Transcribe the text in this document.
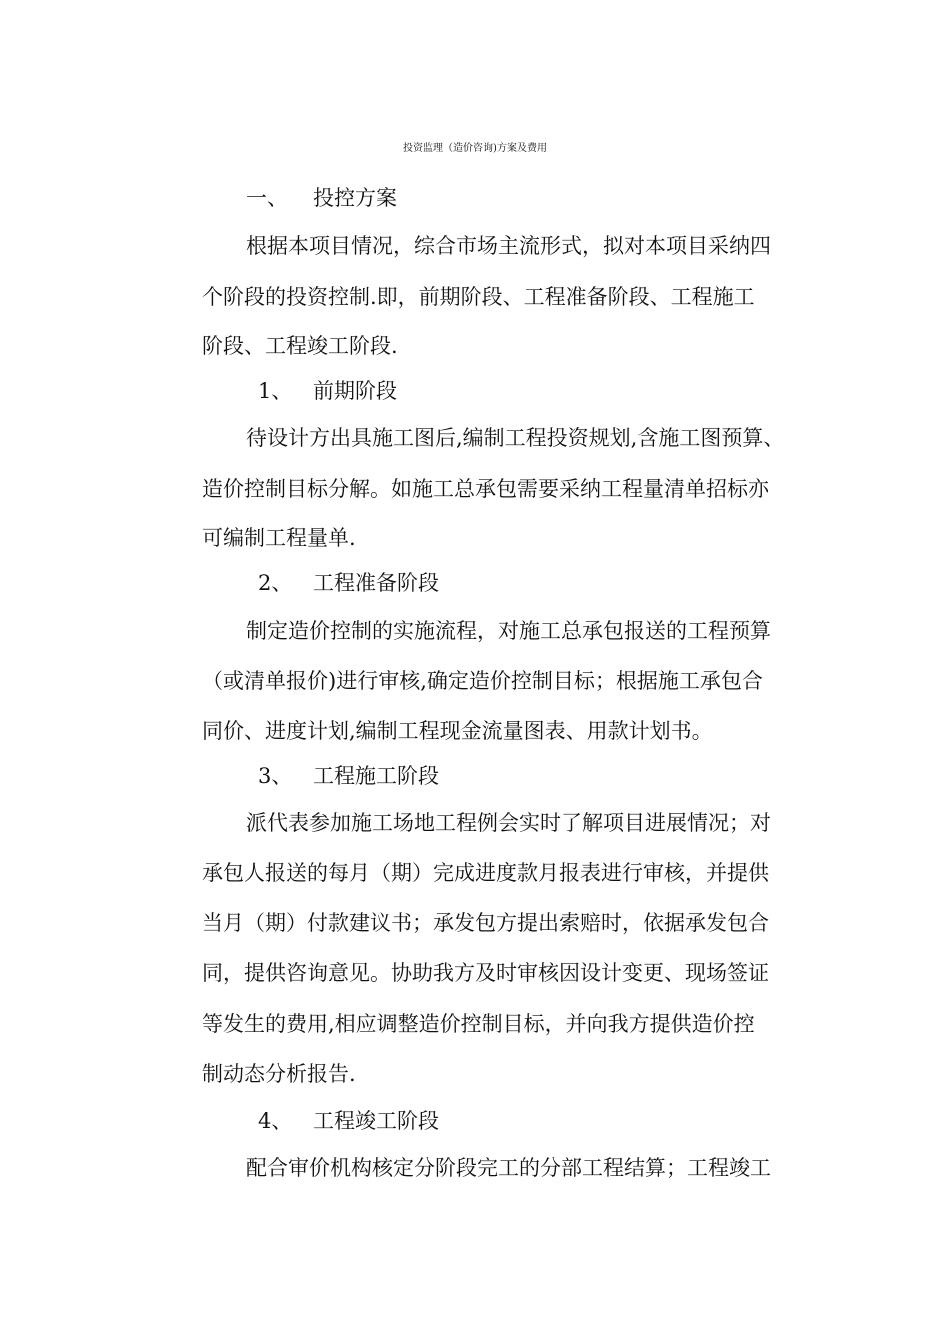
投资监理（造价咨询)方案及费用

一、 投控方案

根据本项目情况，综合市场主流形式，拟对本项目采纳四

个阶段的投资控制.即，前期阶段、工程准备阶段、工程施工

阶段、工程竣工阶段.

1、 前期阶段

待设计方出具施工图后,编制工程投资规划,含施工图预算、

造价控制目标分解。如施工总承包需要采纳工程量清单招标亦

可编制工程量单.

2、 工程准备阶段

制定造价控制的实施流程，对施工总承包报送的工程预算

（或清单报价)进行审核,确定造价控制目标；根据施工承包合

同价、进度计划,编制工程现金流量图表、用款计划书。

3、 工程施工阶段

派代表参加施工场地工程例会实时了解项目进展情况；对

承包人报送的每月（期）完成进度款月报表进行审核，并提供

当月（期）付款建议书；承发包方提出索赔时，依据承发包合

同，提供咨询意见。协助我方及时审核因设计变更、现场签证

等发生的费用,相应调整造价控制目标，并向我方提供造价控

制动态分析报告.

4、 工程竣工阶段

配合审价机构核定分阶段完工的分部工程结算；工程竣工
